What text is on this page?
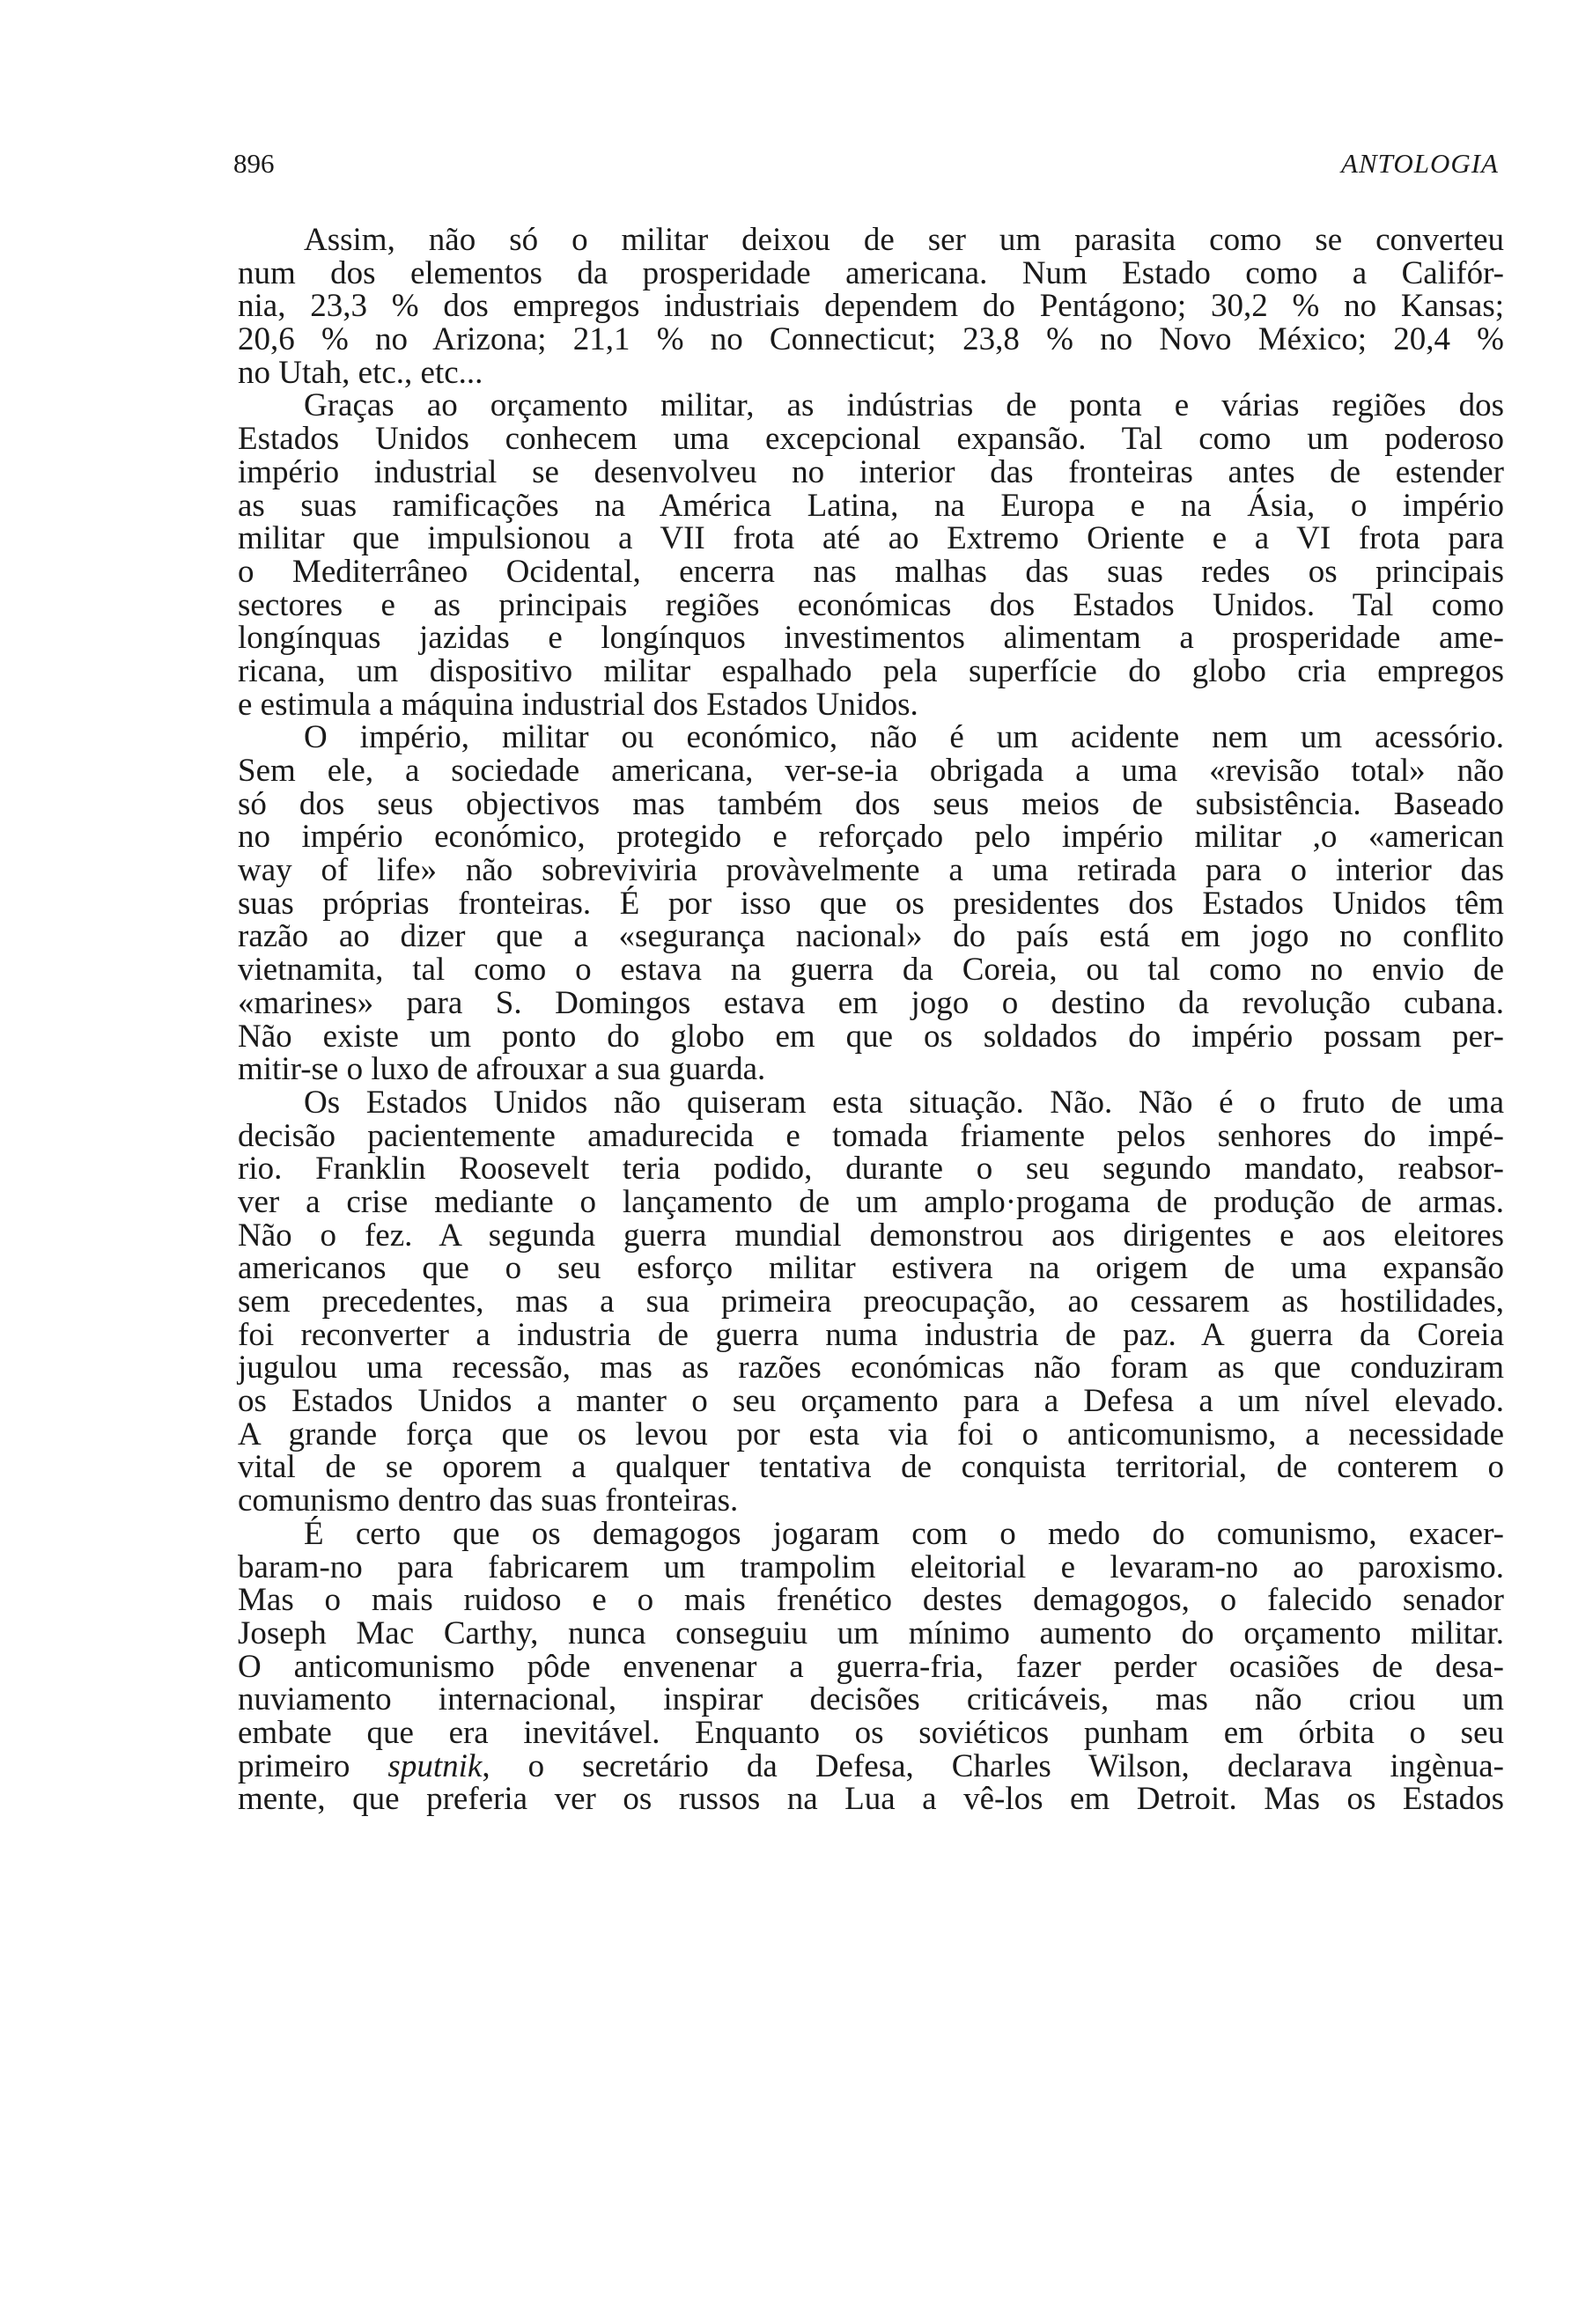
896	ANTOLOGIA
Assim, não só o militar deixou de ser um parasita como se converteu
num dos elementos da prosperidade americana. Num Estado como a Califór-
nia, 23,3 % dos empregos industriais dependem do Pentágono; 30,2 % no Kansas;
20,6 % no Arizona; 21,1 % no Connecticut; 23,8 % no Novo México; 20,4 %
no Utah, etc., etc...
Graças ao orçamento militar, as indústrias de ponta e várias regiões dos
Estados Unidos conhecem uma excepcional expansão. Tal como um poderoso
império industrial se desenvolveu no interior das fronteiras antes de estender
as suas ramificações na América Latina, na Europa e na Ásia, o império
militar que impulsionou a VII frota até ao Extremo Oriente e a VI frota para
o Mediterrâneo Ocidental, encerra nas malhas das suas redes os principais
sectores e as principais regiões económicas dos Estados Unidos. Tal como
longínquas jazidas e longínquos investimentos alimentam a prosperidade ame-
ricana, um dispositivo militar espalhado pela superfície do globo cria empregos
e estimula a máquina industrial dos Estados Unidos.
O império, militar ou económico, não é um acidente nem um acessório.
Sem ele, a sociedade americana, ver-se-ia obrigada a uma «revisão total» não
só dos seus objectivos mas também dos seus meios de subsistência. Baseado
no império económico, protegido e reforçado pelo império militar ,o «american
way of life» não sobreviviria provàvelmente a uma retirada para o interior das
suas próprias fronteiras. É por isso que os presidentes dos Estados Unidos têm
razão ao dizer que a «segurança nacional» do país está em jogo no conflito
vietnamita, tal como o estava na guerra da Coreia, ou tal como no envio de
«marines» para S. Domingos estava em jogo o destino da revolução cubana.
Não existe um ponto do globo em que os soldados do império possam per-
mitir-se o luxo de afrouxar a sua guarda.
Os Estados Unidos não quiseram esta situação. Não. Não é o fruto de uma
decisão pacientemente amadurecida e tomada friamente pelos senhores do impé-
rio. Franklin Roosevelt teria podido, durante o seu segundo mandato, reabsor-
ver a crise mediante o lançamento de um amplo·progama de produção de armas.
Não o fez. A segunda guerra mundial demonstrou aos dirigentes e aos eleitores
americanos que o seu esforço militar estivera na origem de uma expansão
sem precedentes, mas a sua primeira preocupação, ao cessarem as hostilidades,
foi reconverter a industria de guerra numa industria de paz. A guerra da Coreia
jugulou uma recessão, mas as razões económicas não foram as que conduziram
os Estados Unidos a manter o seu orçamento para a Defesa a um nível elevado.
A grande força que os levou por esta via foi o anticomunismo, a necessidade
vital de se oporem a qualquer tentativa de conquista territorial, de conterem o
comunismo dentro das suas fronteiras.
É certo que os demagogos jogaram com o medo do comunismo, exacer-
baram-no para fabricarem um trampolim eleitorial e levaram-no ao paroxismo.
Mas o mais ruidoso e o mais frenético destes demagogos, o falecido senador
Joseph Mac Carthy, nunca conseguiu um mínimo aumento do orçamento militar.
O anticomunismo pôde envenenar a guerra-fria, fazer perder ocasiões de desa-
nuviamento internacional, inspirar decisões criticáveis, mas não criou um
embate que era inevitável. Enquanto os soviéticos punham em órbita o seu
primeiro sputnik, o secretário da Defesa, Charles Wilson, declarava ingènua-
mente, que preferia ver os russos na Lua a vê-los em Detroit. Mas os Estados
